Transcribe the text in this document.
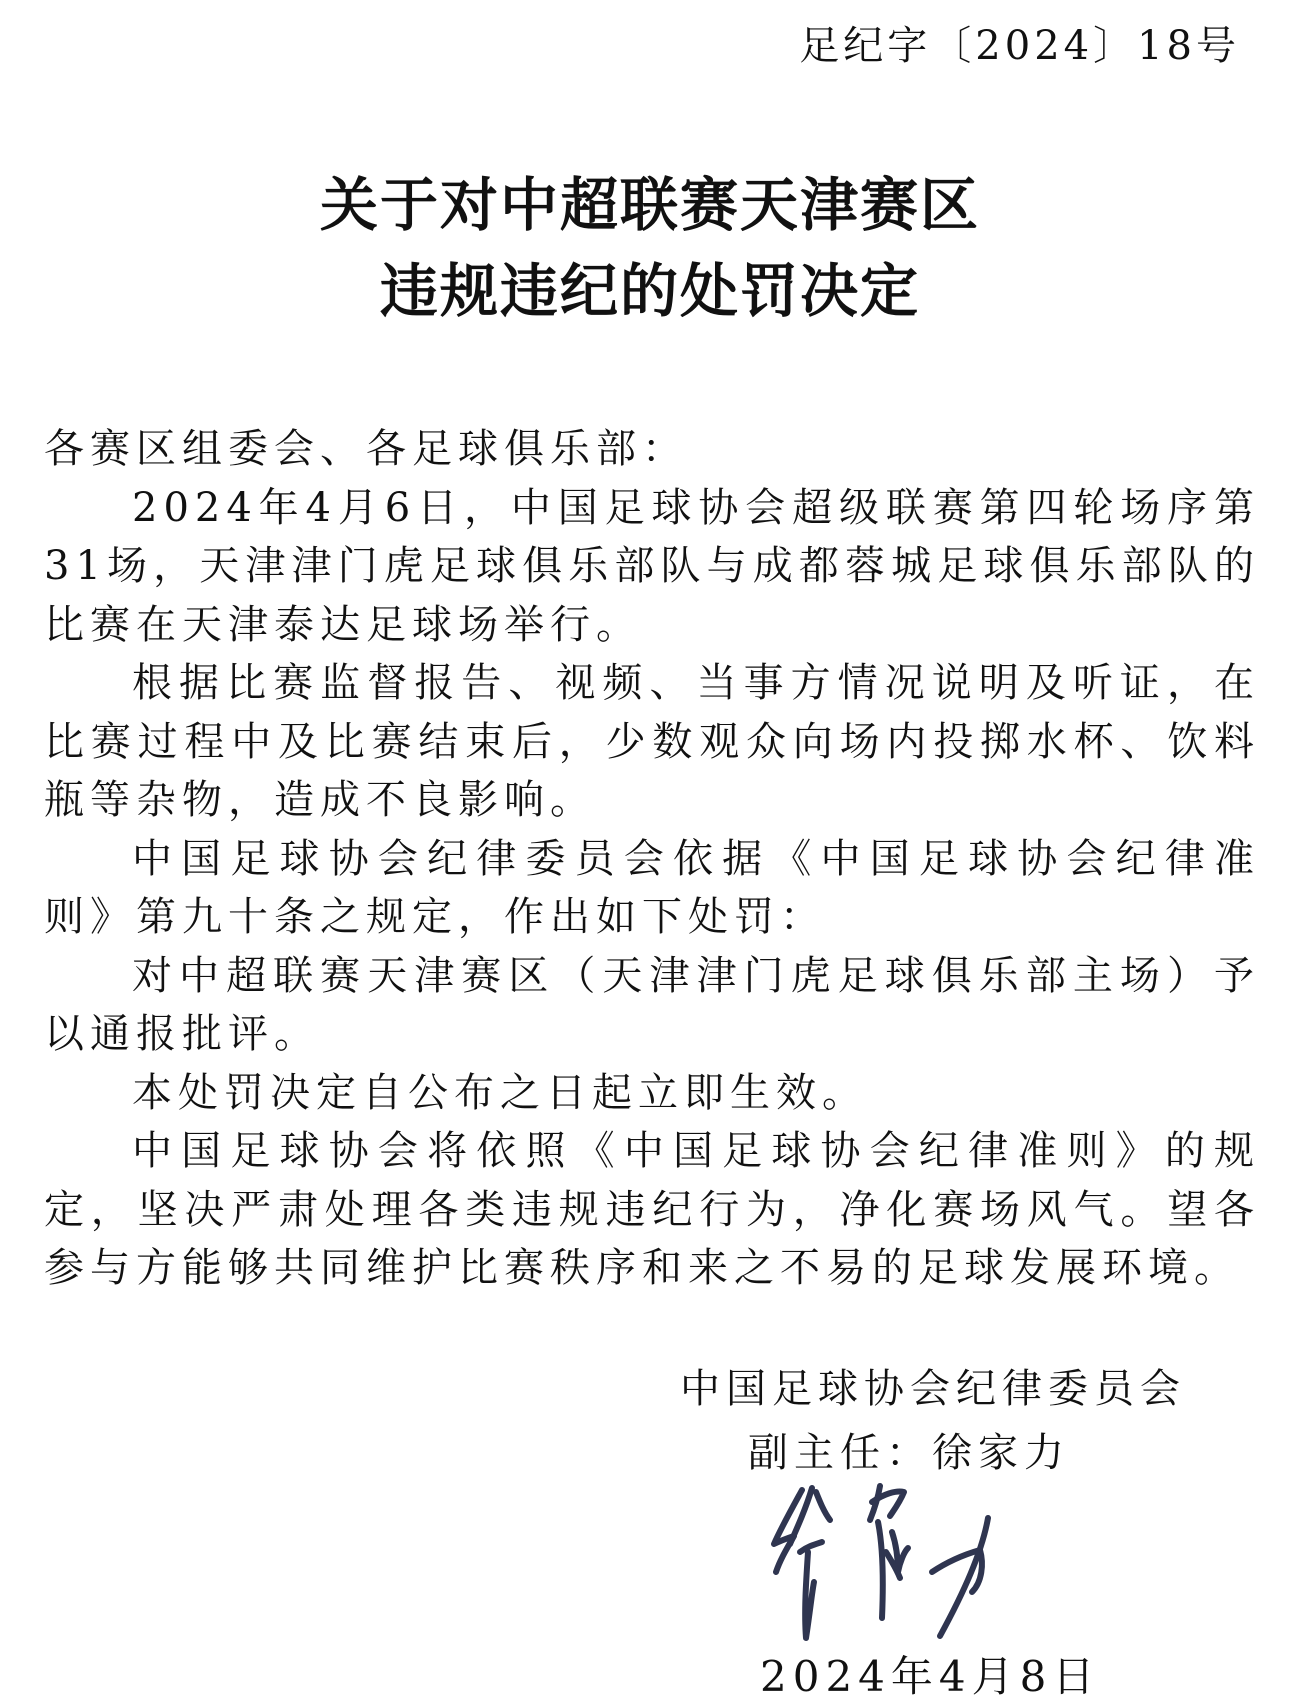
足纪字〔2024〕18号
关于对中超联赛天津赛区
违规违纪的处罚决定

各赛区组委会、各足球俱乐部：

2024年4月6日，中国足球协会超级联赛第四轮场序第31场，天津津门虎足球俱乐部队与成都蓉城足球俱乐部队的比赛在天津泰达足球场举行。

根据比赛监督报告、视频、当事方情况说明及听证，在比赛过程中及比赛结束后，少数观众向场内投掷水杯、饮料瓶等杂物，造成不良影响。

中国足球协会纪律委员会依据《中国足球协会纪律准则》第九十条之规定，作出如下处罚：

对中超联赛天津赛区（天津津门虎足球俱乐部主场）予以通报批评。

本处罚决定自公布之日起立即生效。

中国足球协会将依照《中国足球协会纪律准则》的规定，坚决严肃处理各类违规违纪行为，净化赛场风气。望各参与方能够共同维护比赛秩序和来之不易的足球发展环境。

中国足球协会纪律委员会
副主任：徐家力
2024年4月8日
